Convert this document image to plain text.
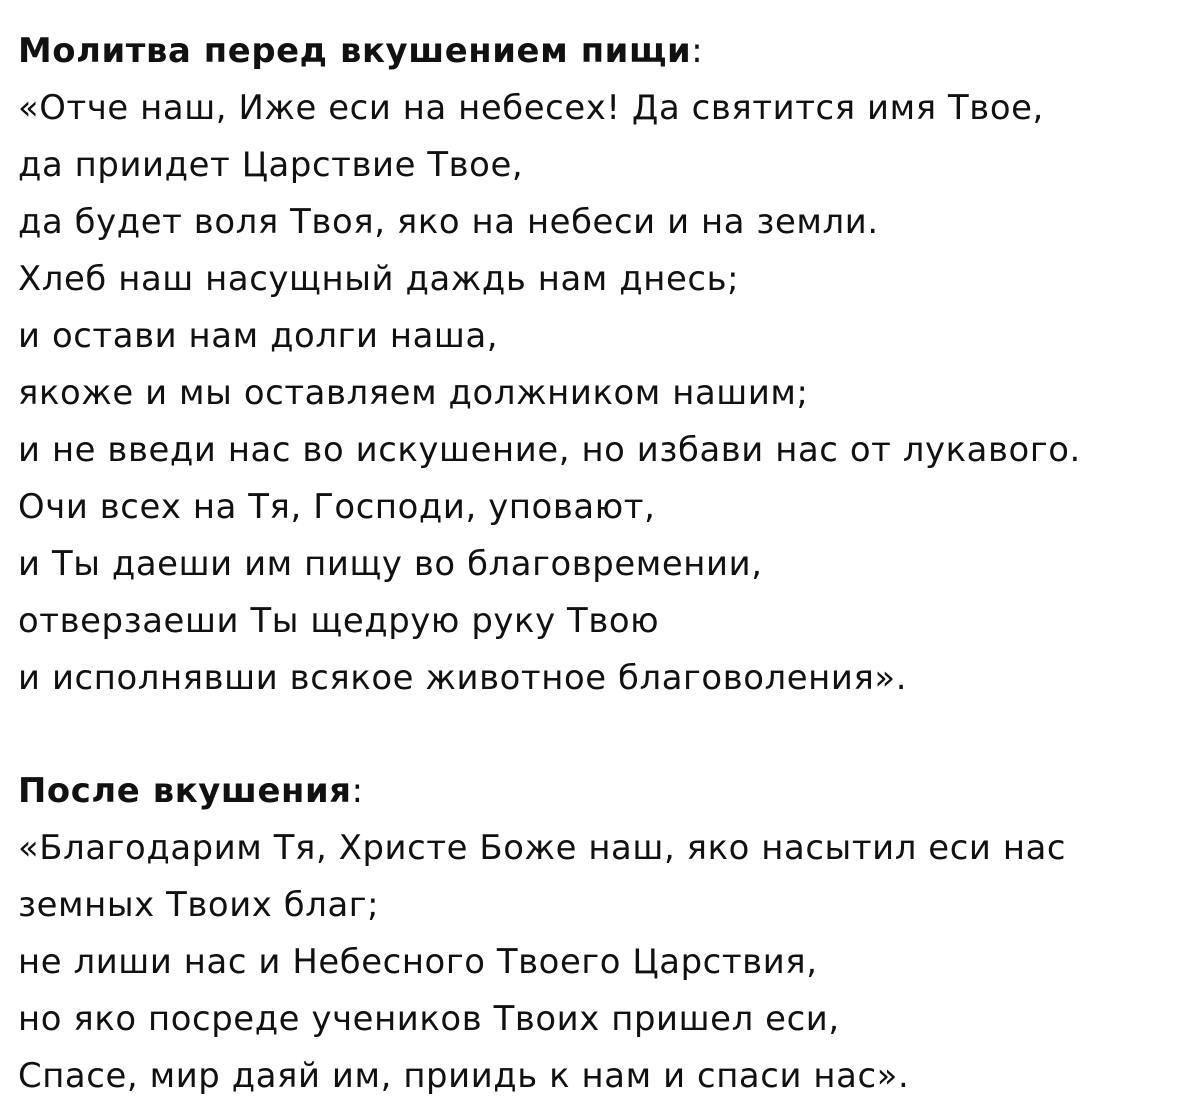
Молитва перед вкушением пищи:
«Отче наш, Иже еси на небесех! Да святится имя Твое,
да приидет Царствие Твое,
да будет воля Твоя, яко на небеси и на земли.
Хлеб наш насущный даждь нам днесь;
и остави нам долги наша,
якоже и мы оставляем должником нашим;
и не введи нас во искушение, но избави нас от лукавого.
Очи всех на Тя, Господи, уповают,
и Ты даеши им пищу во благовремении,
отверзаеши Ты щедрую руку Твою
и исполнявши всякое животное благоволения».
После вкушения:
«Благодарим Тя, Христе Боже наш, яко насытил еси нас
земных Твоих благ;
не лиши нас и Небесного Твоего Царствия,
но яко посреде учеников Твоих пришел еси,
Спасе, мир даяй им, приидь к нам и спаси нас».
